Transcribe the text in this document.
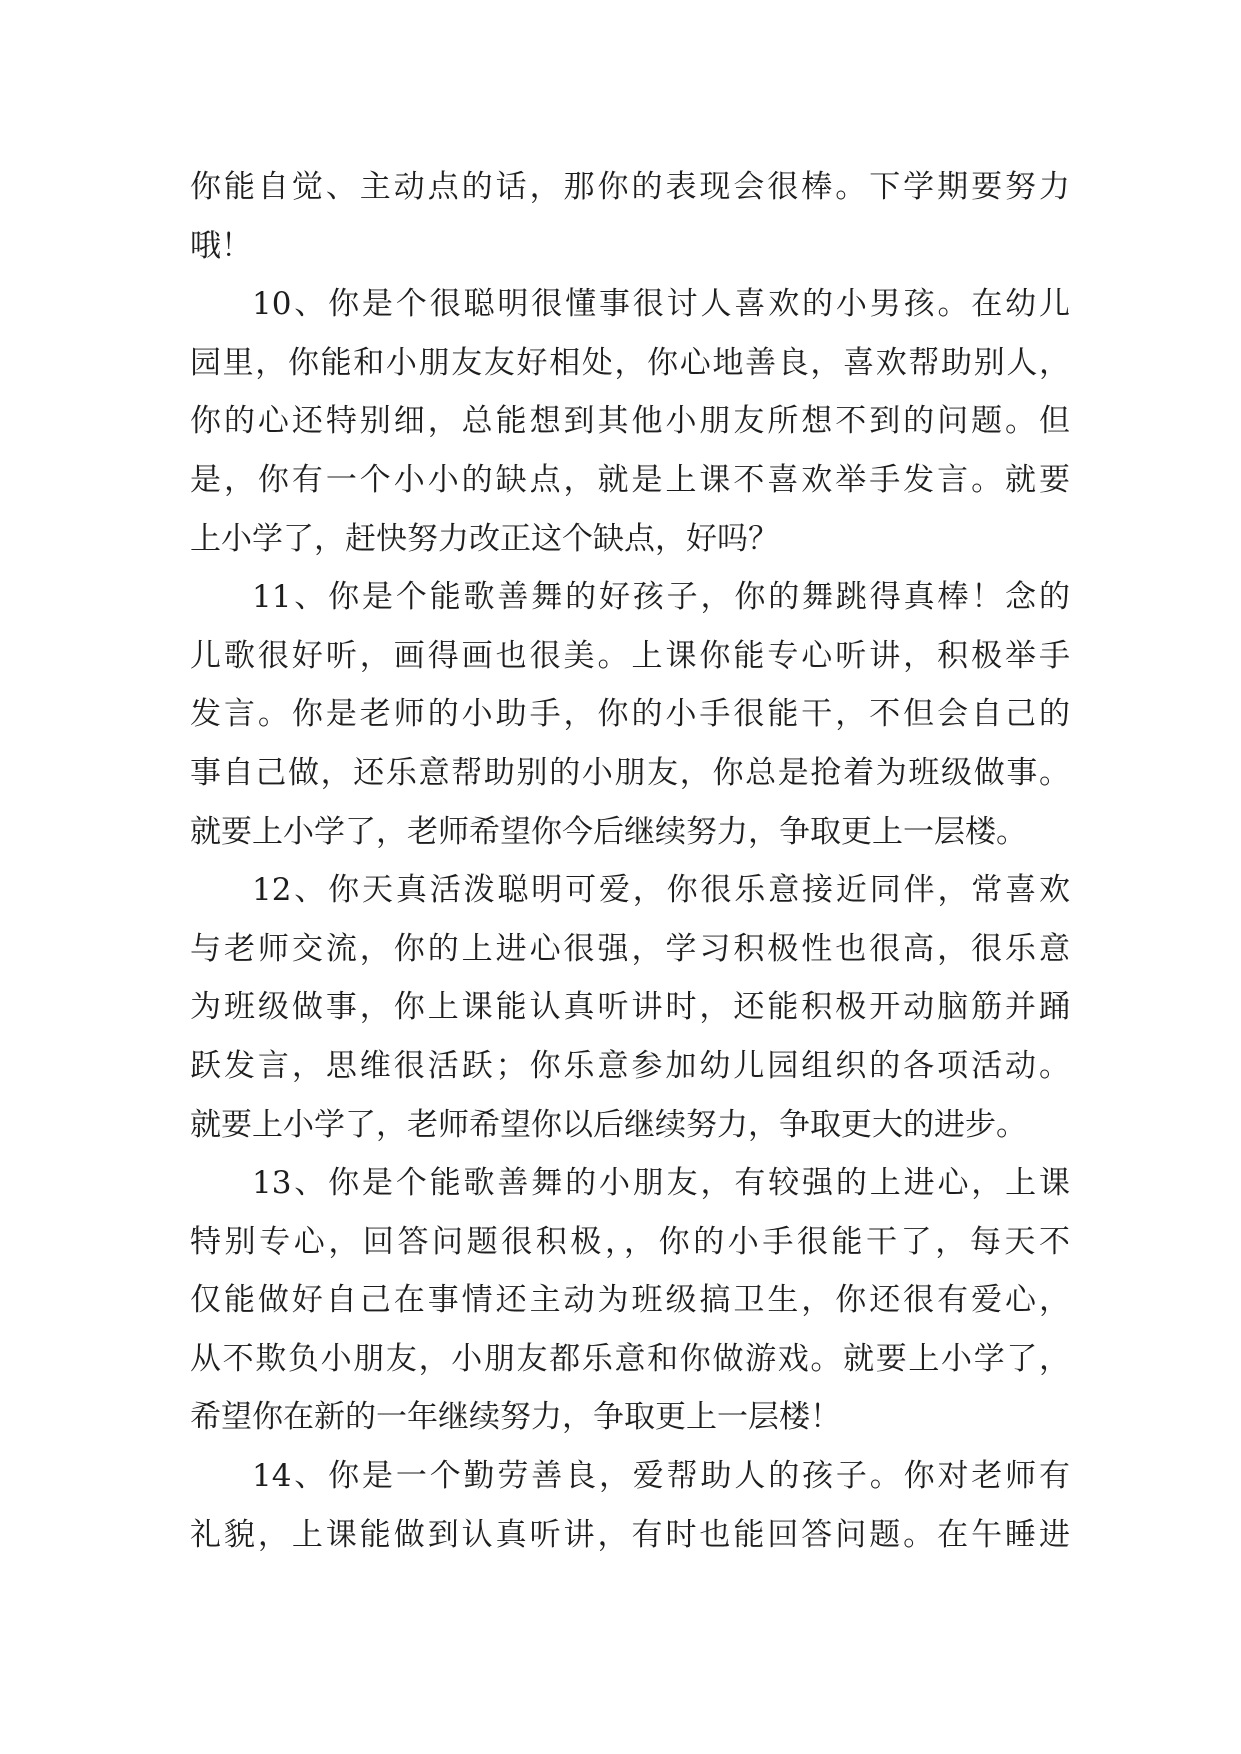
你能自觉、主动点的话，那你的表现会很棒。下学期要努力
哦！
10、你是个很聪明很懂事很讨人喜欢的小男孩。在幼儿
园里，你能和小朋友友好相处，你心地善良，喜欢帮助别人，
你的心还特别细，总能想到其他小朋友所想不到的问题。但
是，你有一个小小的缺点，就是上课不喜欢举手发言。就要
上小学了，赶快努力改正这个缺点，好吗？
11、你是个能歌善舞的好孩子，你的舞跳得真棒！念的
儿歌很好听，画得画也很美。上课你能专心听讲，积极举手
发言。你是老师的小助手，你的小手很能干，不但会自己的
事自己做，还乐意帮助别的小朋友，你总是抢着为班级做事。
就要上小学了，老师希望你今后继续努力，争取更上一层楼。
12、你天真活泼聪明可爱，你很乐意接近同伴，常喜欢
与老师交流，你的上进心很强，学习积极性也很高，很乐意
为班级做事，你上课能认真听讲时，还能积极开动脑筋并踊
跃发言，思维很活跃；你乐意参加幼儿园组织的各项活动。
就要上小学了，老师希望你以后继续努力，争取更大的进步。
13、你是个能歌善舞的小朋友，有较强的上进心，上课
特别专心，回答问题很积极，，你的小手很能干了，每天不
仅能做好自己在事情还主动为班级搞卫生，你还很有爱心，
从不欺负小朋友，小朋友都乐意和你做游戏。就要上小学了，
希望你在新的一年继续努力，争取更上一层楼！
14、你是一个勤劳善良，爱帮助人的孩子。你对老师有
礼貌，上课能做到认真听讲，有时也能回答问题。在午睡进
